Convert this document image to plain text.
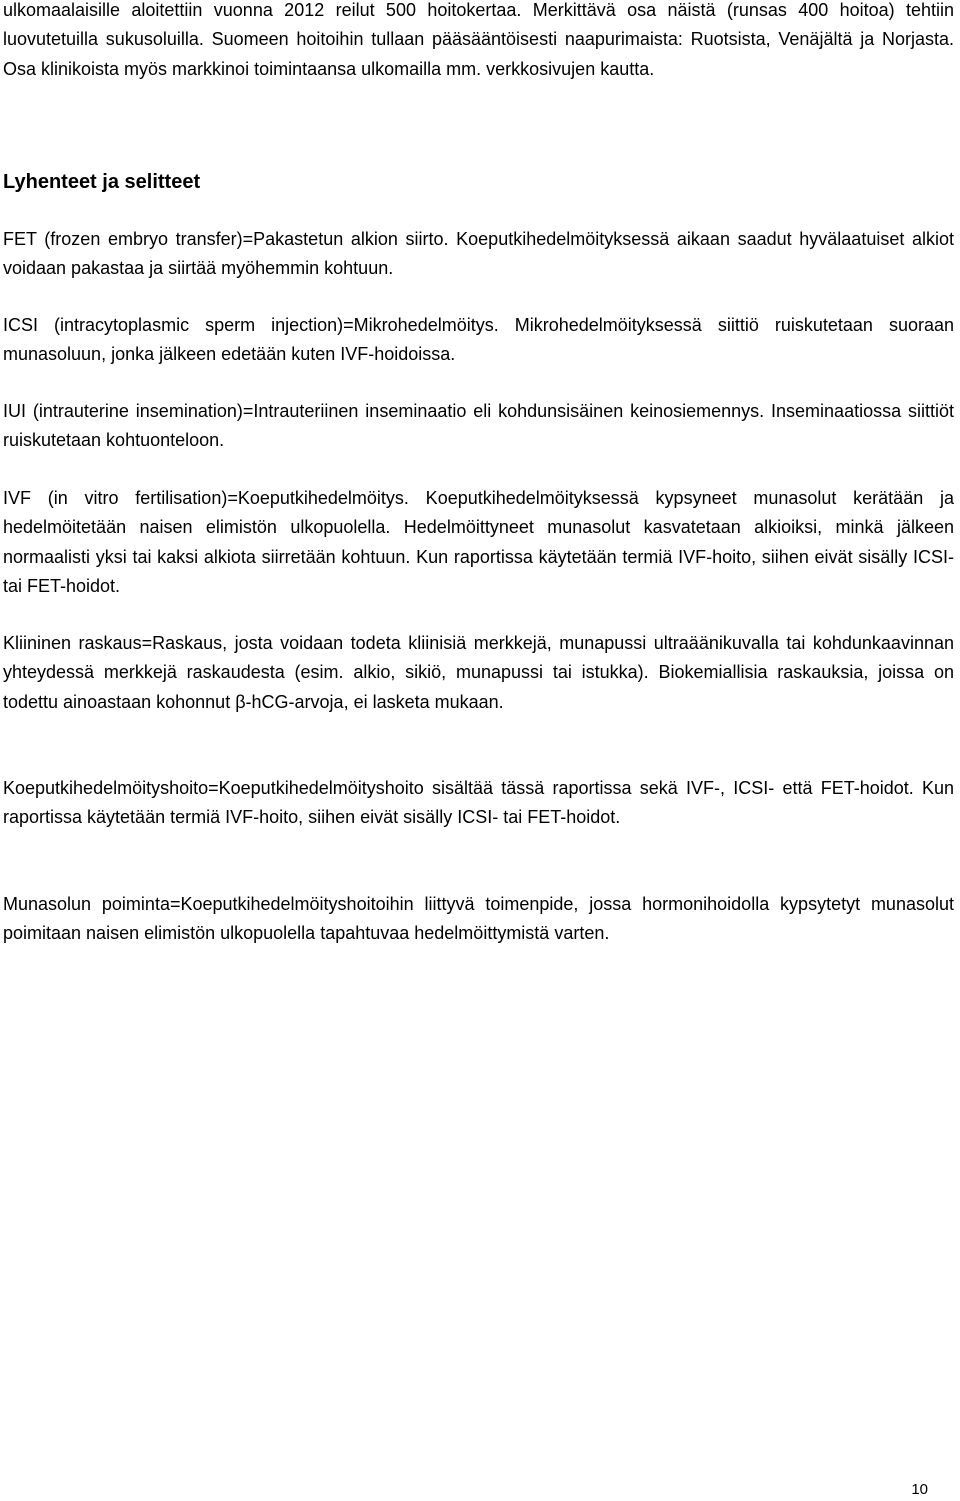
ulkomaalaisille aloitettiin vuonna 2012 reilut 500 hoitokertaa. Merkittävä osa näistä (runsas 400 hoitoa) tehtiin luovutetuilla sukusoluilla. Suomeen hoitoihin tullaan pääsääntöisesti naapurimaista: Ruotsista, Venäjältä ja Norjasta. Osa klinikoista myös markkinoi toimintaansa ulkomailla mm. verkkosivujen kautta.

Lyhenteet ja selitteet

FET (frozen embryo transfer)=Pakastetun alkion siirto. Koeputkihedelmöityksessä aikaan saadut hyvälaatuiset alkiot voidaan pakastaa ja siirtää myöhemmin kohtuun.

ICSI (intracytoplasmic sperm injection)=Mikrohedelmöitys. Mikrohedelmöityksessä siittiö ruiskutetaan suoraan munasoluun, jonka jälkeen edetään kuten IVF-hoidoissa.

IUI (intrauterine insemination)=Intrauteriinen inseminaatio eli kohdunsisäinen keinosiemennys. Inseminaatiossa siittiöt ruiskutetaan kohtuonteloon.

IVF (in vitro fertilisation)=Koeputkihedelmöitys. Koeputkihedelmöityksessä kypsyneet munasolut kerätään ja hedelmöitetään naisen elimistön ulkopuolella. Hedelmöittyneet munasolut kasvatetaan alkioiksi, minkä jälkeen normaalisti yksi tai kaksi alkiota siirretään kohtuun. Kun raportissa käytetään termiä IVF-hoito, siihen eivät sisälly ICSI- tai FET-hoidot.

Kliininen raskaus=Raskaus, josta voidaan todeta kliinisiä merkkejä, munapussi ultraäänikuvalla tai kohdunkaavinnan yhteydessä merkkejä raskaudesta (esim. alkio, sikiö, munapussi tai istukka). Biokemiallisia raskauksia, joissa on todettu ainoastaan kohonnut β-hCG-arvoja, ei lasketa mukaan.

Koeputkihedelmöityshoito=Koeputkihedelmöityshoito sisältää tässä raportissa sekä IVF-, ICSI- että FET-hoidot. Kun raportissa käytetään termiä IVF-hoito, siihen eivät sisälly ICSI- tai FET-hoidot.

Munasolun poiminta=Koeputkihedelmöityshoitoihin liittyvä toimenpide, jossa hormonihoidolla kypsytetyt munasolut poimitaan naisen elimistön ulkopuolella tapahtuvaa hedelmöittymistä varten.

10
